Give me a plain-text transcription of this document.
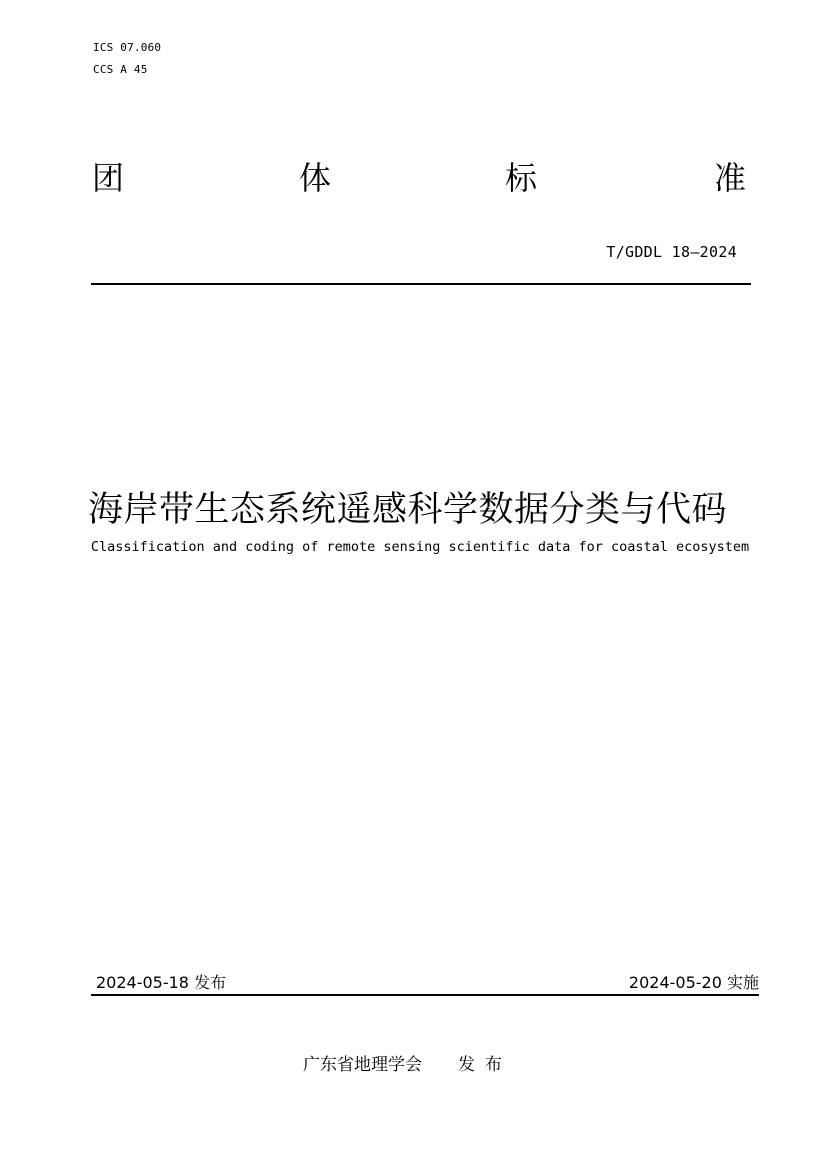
ICS 07.060
CCS A 45
团	体	标	准
T/GDDL 18—2024
海岸带生态系统遥感科学数据分类与代码
Classification and coding of remote sensing scientific data for coastal ecosystem
2024-05-18 发布	2024-05-20 实施
广东省地理学会 发布
